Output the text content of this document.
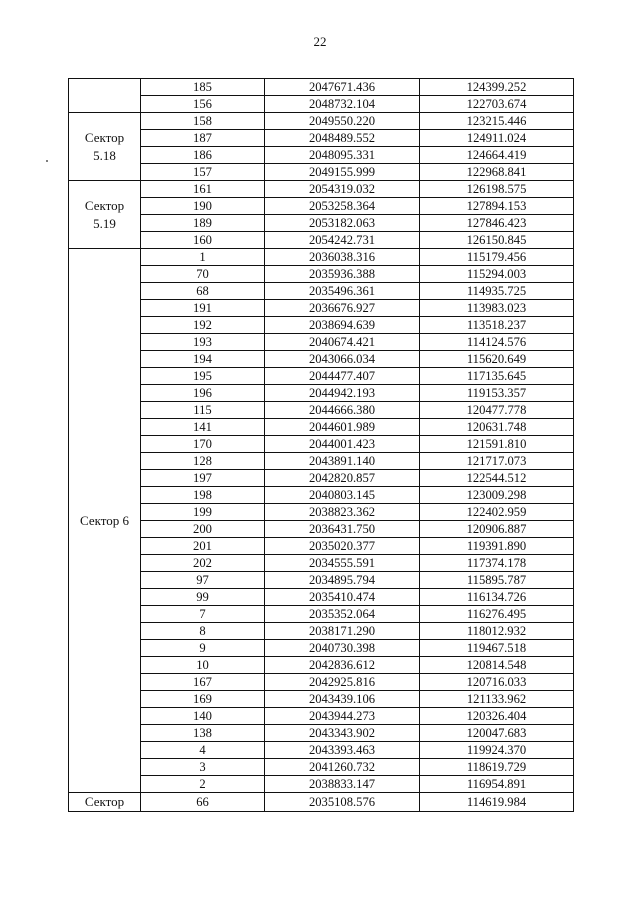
22
	185	2047671.436	124399.252
	156	2048732.104	122703.674
Сектор
5.18	158	2049550.220	123215.446
	187	2048489.552	124911.024
	186	2048095.331	124664.419
	157	2049155.999	122968.841
Сектор
5.19	161	2054319.032	126198.575
	190	2053258.364	127894.153
	189	2053182.063	127846.423
	160	2054242.731	126150.845
Сектор 6	1	2036038.316	115179.456
	70	2035936.388	115294.003
	68	2035496.361	114935.725
	191	2036676.927	113983.023
	192	2038694.639	113518.237
	193	2040674.421	114124.576
	194	2043066.034	115620.649
	195	2044477.407	117135.645
	196	2044942.193	119153.357
	115	2044666.380	120477.778
	141	2044601.989	120631.748
	170	2044001.423	121591.810
	128	2043891.140	121717.073
	197	2042820.857	122544.512
	198	2040803.145	123009.298
	199	2038823.362	122402.959
	200	2036431.750	120906.887
	201	2035020.377	119391.890
	202	2034555.591	117374.178
	97	2034895.794	115895.787
	99	2035410.474	116134.726
	7	2035352.064	116276.495
	8	2038171.290	118012.932
	9	2040730.398	119467.518
	10	2042836.612	120814.548
	167	2042925.816	120716.033
	169	2043439.106	121133.962
	140	2043944.273	120326.404
	138	2043343.902	120047.683
	4	2043393.463	119924.370
	3	2041260.732	118619.729
	2	2038833.147	116954.891
Сектор	66	2035108.576	114619.984
